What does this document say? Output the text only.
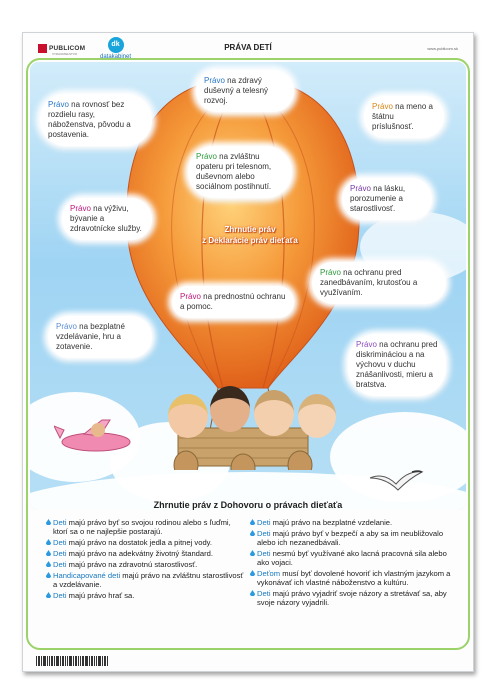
PUBLICOM
VYDAVATEĽSTVO
dk
datakabinet
PRÁVA DETÍ	www.publicom.sk
Zhrnutie práv
z Deklarácie práv dieťaťa
Právo na zdravý duševný a telesný rozvoj.
Právo na rovnosť bez rozdielu rasy, náboženstva, pôvodu a postavenia.
Právo na meno a štátnu príslušnosť.
Právo na zvláštnu opateru pri telesnom, duševnom alebo sociálnom postihnutí.	Právo na lásku, porozumenie a starostlivosť.
Právo na výživu, bývanie a zdravotnícke služby.
Právo na ochranu pred zanedbávaním, krutosťou a využívaním.
Právo na prednostnú ochranu a pomoc.
Právo na bezplatné vzdelávanie, hru a zotavenie.	Právo na ochranu pred diskrimináciou a na výchovu v duchu znášanlivosti, mieru a bratstva.
Zhrnutie práv z Dohovoru o právach dieťaťa
Deti majú právo byť so svojou rodinou alebo s ľuďmi, ktorí sa o ne najlepšie postarajú.
Deti majú právo na dostatok jedla a pitnej vody.
Deti majú právo na adekvátny životný štandard.
Deti majú právo na zdravotnú starostlivosť.
Handicapované deti majú právo na zvláštnu starostlivosť a vzdelávanie.
Deti majú právo hrať sa.
Deti majú právo na bezplatné vzdelanie.
Deti majú právo byť v bezpečí a aby sa im neubližovalo alebo ich nezanedbávali.
Deti nesmú byť využívané ako lacná pracovná sila alebo ako vojaci.
Deťom musí byť dovolené hovoriť ich vlastným jazykom a vykonávať ich vlastné náboženstvo a kultúru.
Deti majú právo vyjadriť svoje názory a stretávať sa, aby svoje názory vyjadrili.
